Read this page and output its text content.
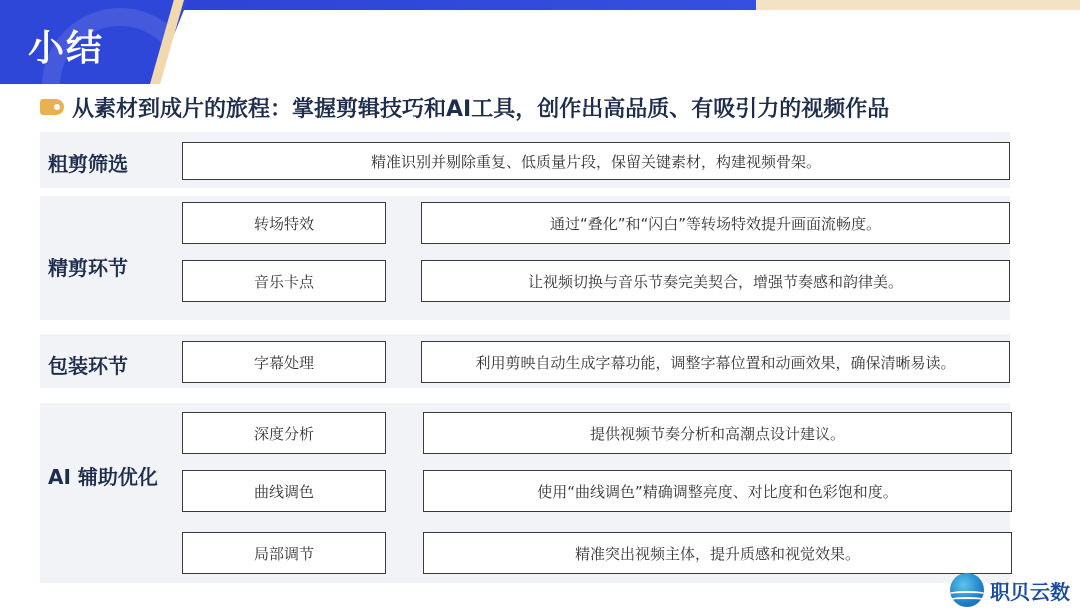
小结
从素材到成片的旅程：掌握剪辑技巧和AI工具，创作出高品质、有吸引力的视频作品
粗剪筛选	精准识别并剔除重复、低质量片段，保留关键素材，构建视频骨架。
精剪环节
转场特效	通过“叠化”和“闪白”等转场特效提升画面流畅度。
音乐卡点	让视频切换与音乐节奏完美契合，增强节奏感和韵律美。
包装环节	字幕处理	利用剪映自动生成字幕功能，调整字幕位置和动画效果，确保清晰易读。
AI 辅助优化
深度分析	提供视频节奏分析和高潮点设计建议。
曲线调色	使用“曲线调色”精确调整亮度、对比度和色彩饱和度。
局部调节	精准突出视频主体，提升质感和视觉效果。
职贝云数
